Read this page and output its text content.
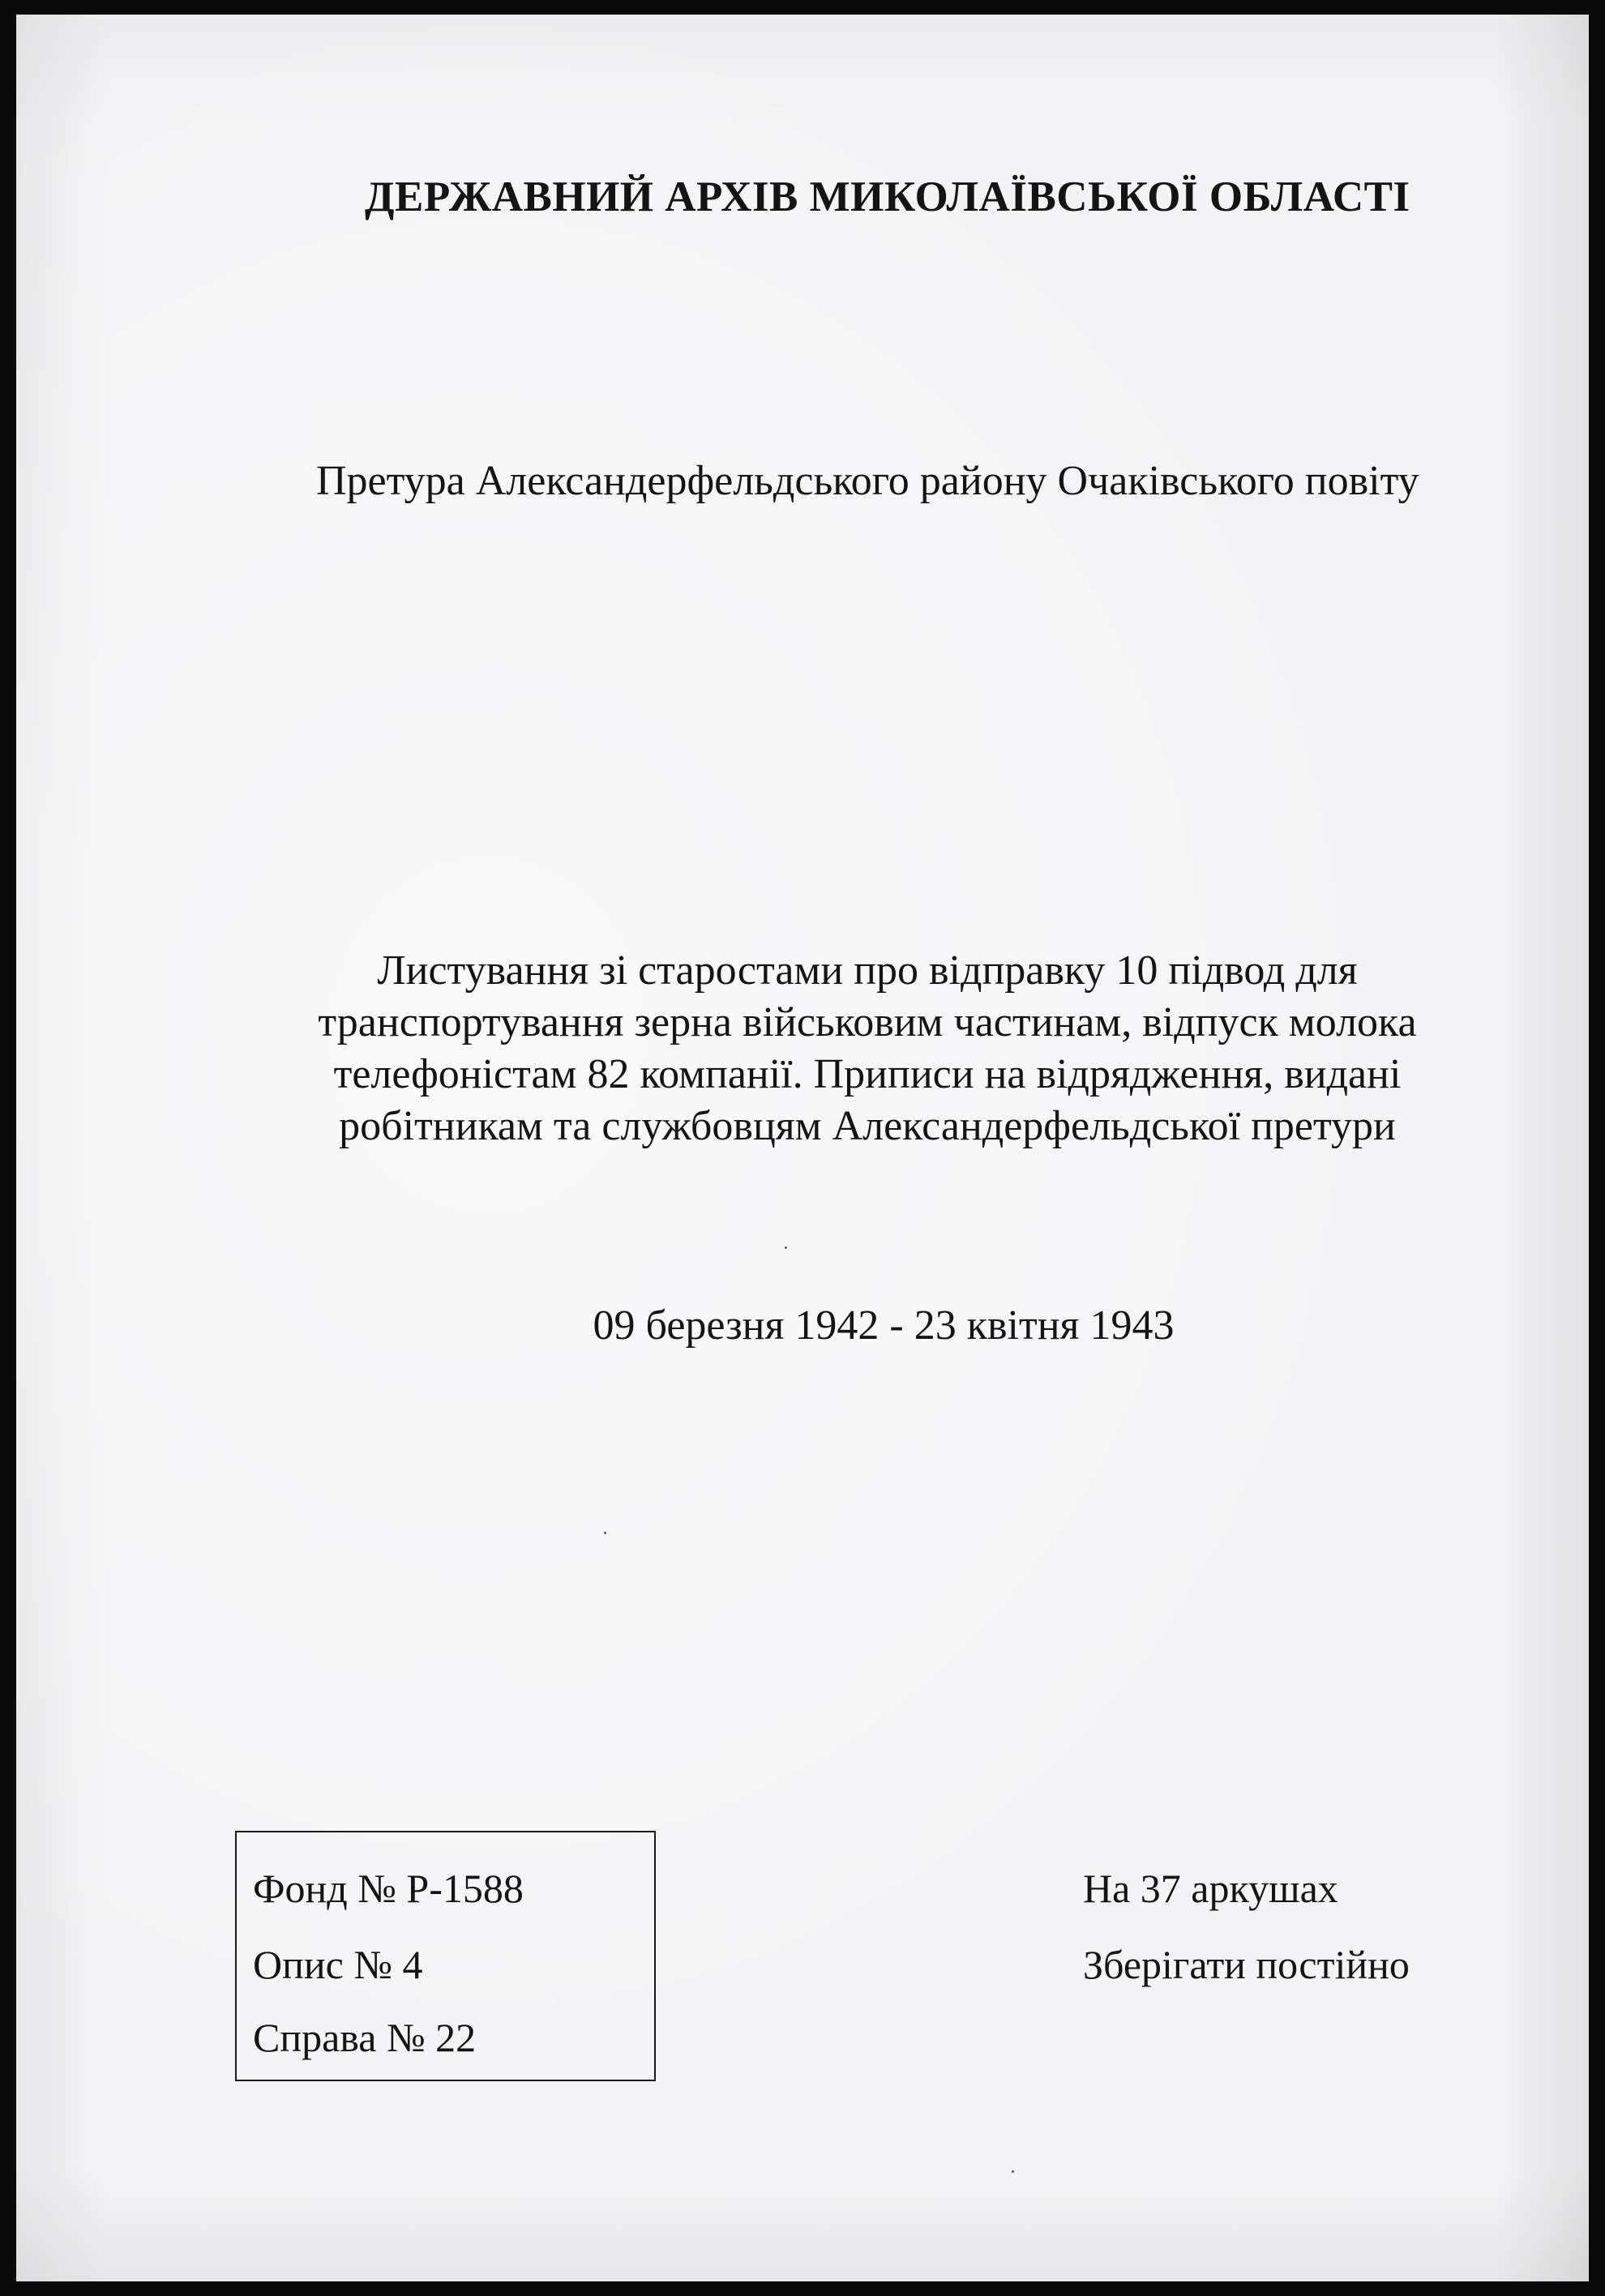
ДЕРЖАВНИЙ АРХІВ МИКОЛАЇВСЬКОЇ ОБЛАСТІ
Претура Александерфельдського району Очаківського повіту
Листування зі старостами про відправку 10 підвод для
транспортування зерна військовим частинам, відпуск молока
телефоністам 82 компанії. Приписи на відрядження, видані
робітникам та службовцям Александерфельдської претури
09 березня 1942 - 23 квітня 1943
Фонд № Р-1588
Опис № 4
Справа № 22
На 37 аркушах
Зберігати постійно
